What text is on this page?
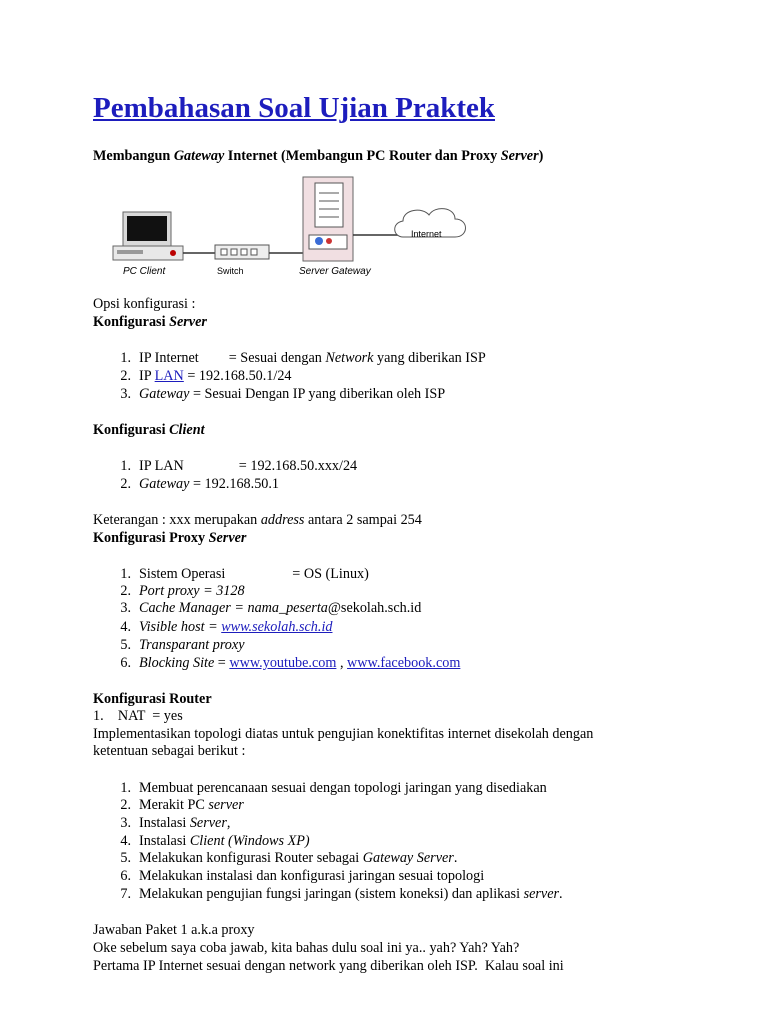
Pembahasan Soal Ujian Praktek
Membangun Gateway Internet (Membangun PC Router dan Proxy Server)
Internet
PC Client	Switch	Server Gateway
Opsi konfigurasi :
Konfigurasi Server
1. IP Internet = Sesuai dengan Network yang diberikan ISP
2. IP LAN = 192.168.50.1/24
3. Gateway = Sesuai Dengan IP yang diberikan oleh ISP
Konfigurasi Client
1. IP LAN	= 192.168.50.xxx/24
2. Gateway = 192.168.50.1
Keterangan : xxx merupakan address antara 2 sampai 254
Konfigurasi Proxy Server
1. Sistem Operasi	= OS (Linux)
2. Port proxy = 3128
3. Cache Manager = nama_peserta@sekolah.sch.id
4. Visible host = www.sekolah.sch.id
5. Transparant proxy
6. Blocking Site = www.youtube.com , www.facebook.com
Konfigurasi Router
1.    NAT  = yes
Implementasikan topologi diatas untuk pengujian konektifitas internet disekolah dengan
ketentuan sebagai berikut :
1. Membuat perencanaan sesuai dengan topologi jaringan yang disediakan
2. Merakit PC server
3. Instalasi Server,
4. Instalasi Client (Windows XP)
5. Melakukan konfigurasi Router sebagai Gateway Server.
6. Melakukan instalasi dan konfigurasi jaringan sesuai topologi
7. Melakukan pengujian fungsi jaringan (sistem koneksi) dan aplikasi server.
Jawaban Paket 1 a.k.a proxy
Oke sebelum saya coba jawab, kita bahas dulu soal ini ya.. yah? Yah? Yah?
Pertama IP Internet sesuai dengan network yang diberikan oleh ISP.  Kalau soal ini
